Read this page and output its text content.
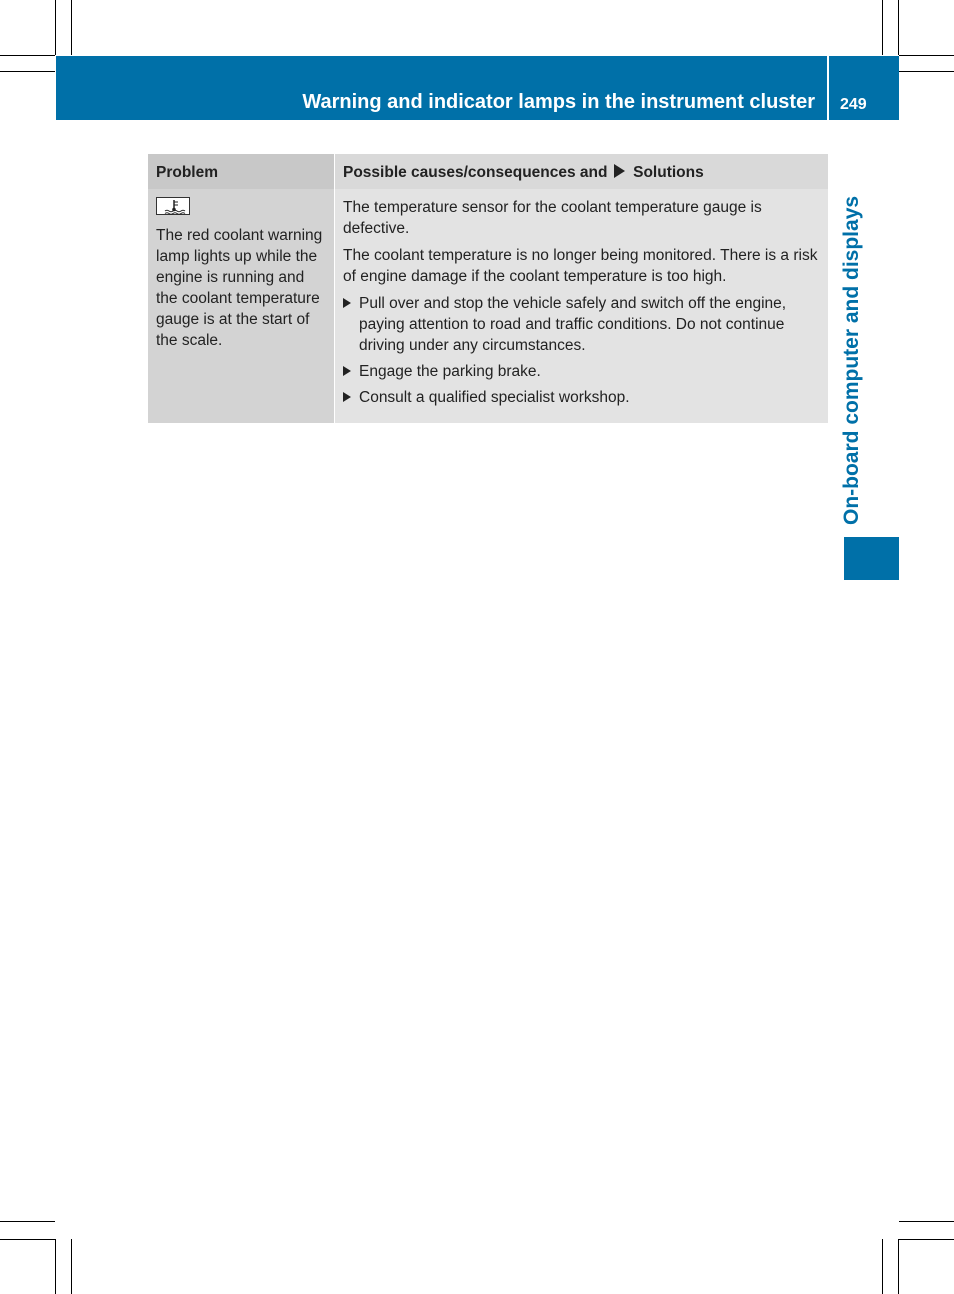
Warning and indicator lamps in the instrument cluster 249
On-board computer and displays
Problem	Possible causes/consequences and Solutions

The red coolant warning lamp lights up while the engine is running and the coolant temperature gauge is at the start of the scale.	The temperature sensor for the coolant temperature gauge is defective.

The coolant temperature is no longer being monitored. There is a risk of engine damage if the coolant temperature is too high.

Pull over and stop the vehicle safely and switch off the engine, paying attention to road and traffic conditions. Do not continue driving under any circumstances.
Engage the parking brake.
Consult a qualified specialist workshop.
